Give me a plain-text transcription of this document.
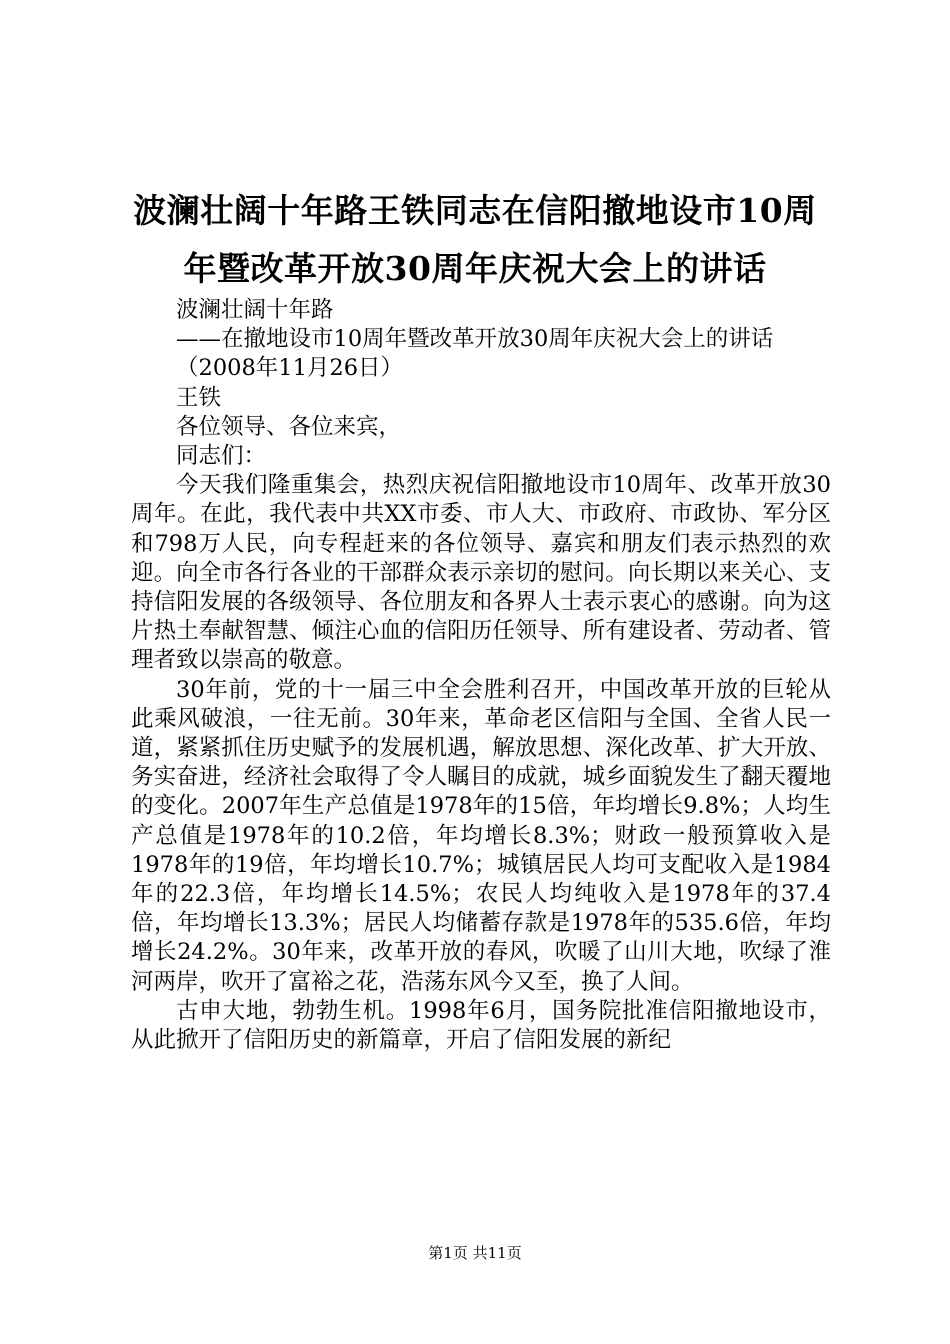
波澜壮阔十年路王铁同志在信阳撤地设市10周年暨改革开放30周年庆祝大会上的讲话

波澜壮阔十年路

——在撤地设市10周年暨改革开放30周年庆祝大会上的讲话

（2008年11月26日）

王铁

各位领导、各位来宾，

同志们：

今天我们隆重集会，热烈庆祝信阳撤地设市10周年、改革开放30周年。在此，我代表中共XX市委、市人大、市政府、市政协、军分区和798万人民，向专程赶来的各位领导、嘉宾和朋友们表示热烈的欢迎。向全市各行各业的干部群众表示亲切的慰问。向长期以来关心、支持信阳发展的各级领导、各位朋友和各界人士表示衷心的感谢。向为这片热土奉献智慧、倾注心血的信阳历任领导、所有建设者、劳动者、管理者致以崇高的敬意。

30年前，党的十一届三中全会胜利召开，中国改革开放的巨轮从此乘风破浪，一往无前。30年来，革命老区信阳与全国、全省人民一道，紧紧抓住历史赋予的发展机遇，解放思想、深化改革、扩大开放、务实奋进，经济社会取得了令人瞩目的成就，城乡面貌发生了翻天覆地的变化。2007年生产总值是1978年的15倍，年均增长9.8%；人均生产总值是1978年的10.2倍，年均增长8.3%；财政一般预算收入是1978年的19倍，年均增长10.7%；城镇居民人均可支配收入是1984年的22.3倍，年均增长14.5%；农民人均纯收入是1978年的37.4倍，年均增长13.3%；居民人均储蓄存款是1978年的535.6倍，年均增长24.2%。30年来，改革开放的春风，吹暖了山川大地，吹绿了淮河两岸，吹开了富裕之花，浩荡东风今又至，换了人间。

古申大地，勃勃生机。1998年6月，国务院批准信阳撤地设市，从此掀开了信阳历史的新篇章，开启了信阳发展的新纪

第1页 共11页
